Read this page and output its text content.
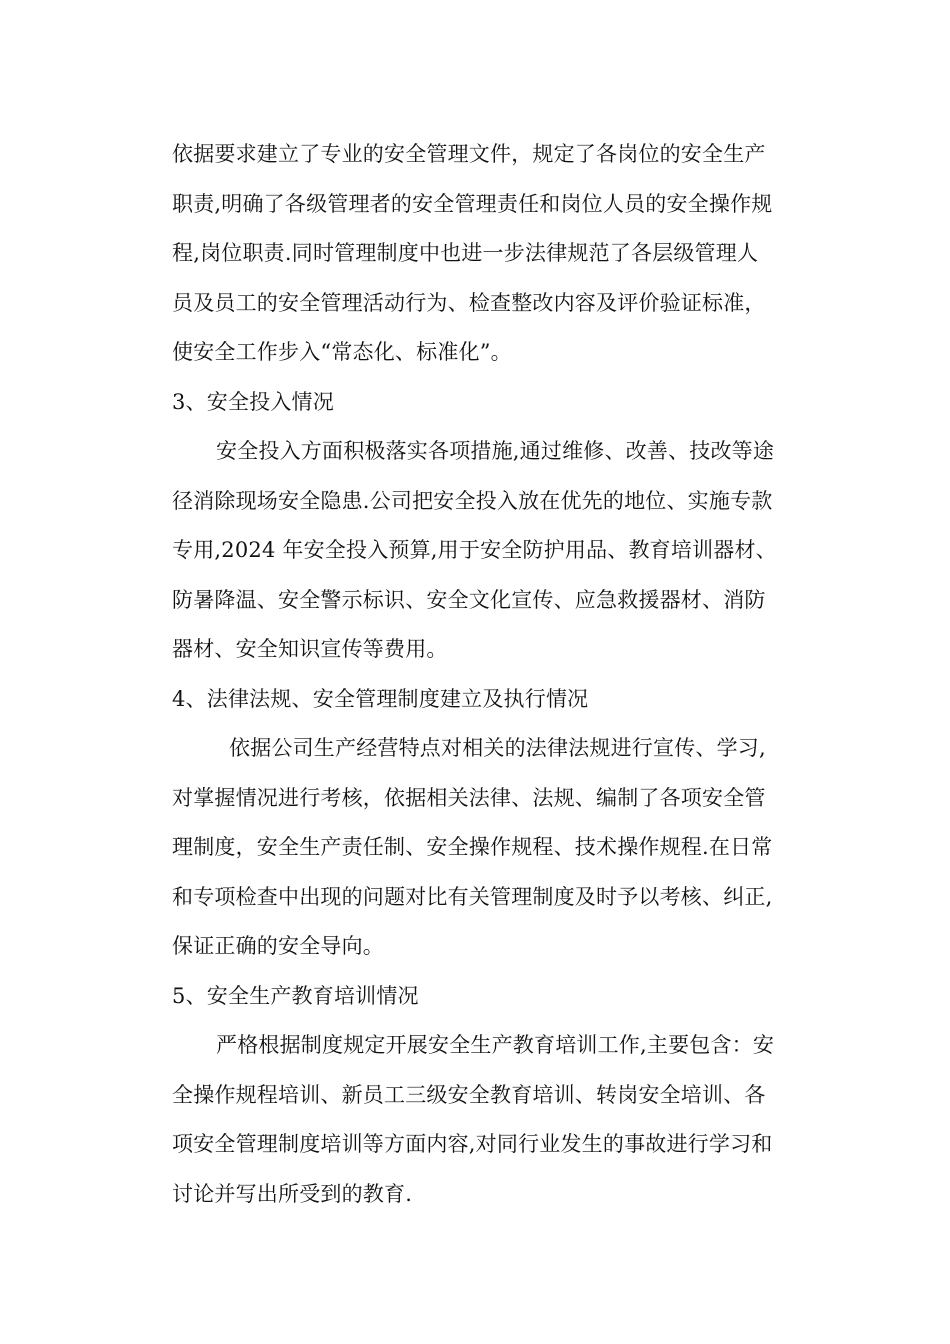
依据要求建立了专业的安全管理文件，规定了各岗位的安全生产
职责,明确了各级管理者的安全管理责任和岗位人员的安全操作规
程,岗位职责.同时管理制度中也进一步法律规范了各层级管理人
员及员工的安全管理活动行为、检查整改内容及评价验证标准，
使安全工作步入“常态化、标准化”。
3、安全投入情况
安全投入方面积极落实各项措施,通过维修、改善、技改等途
径消除现场安全隐患.公司把安全投入放在优先的地位、实施专款
专用,2024 年安全投入预算,用于安全防护用品、教育培训器材、
防暑降温、安全警示标识、安全文化宣传、应急救援器材、消防
器材、安全知识宣传等费用。
4、法律法规、安全管理制度建立及执行情况
依据公司生产经营特点对相关的法律法规进行宣传、学习,
对掌握情况进行考核，依据相关法律、法规、编制了各项安全管
理制度，安全生产责任制、安全操作规程、技术操作规程.在日常
和专项检查中出现的问题对比有关管理制度及时予以考核、纠正,
保证正确的安全导向。
5、安全生产教育培训情况
严格根据制度规定开展安全生产教育培训工作,主要包含：安
全操作规程培训、新员工三级安全教育培训、转岗安全培训、各
项安全管理制度培训等方面内容,对同行业发生的事故进行学习和
讨论并写出所受到的教育.
